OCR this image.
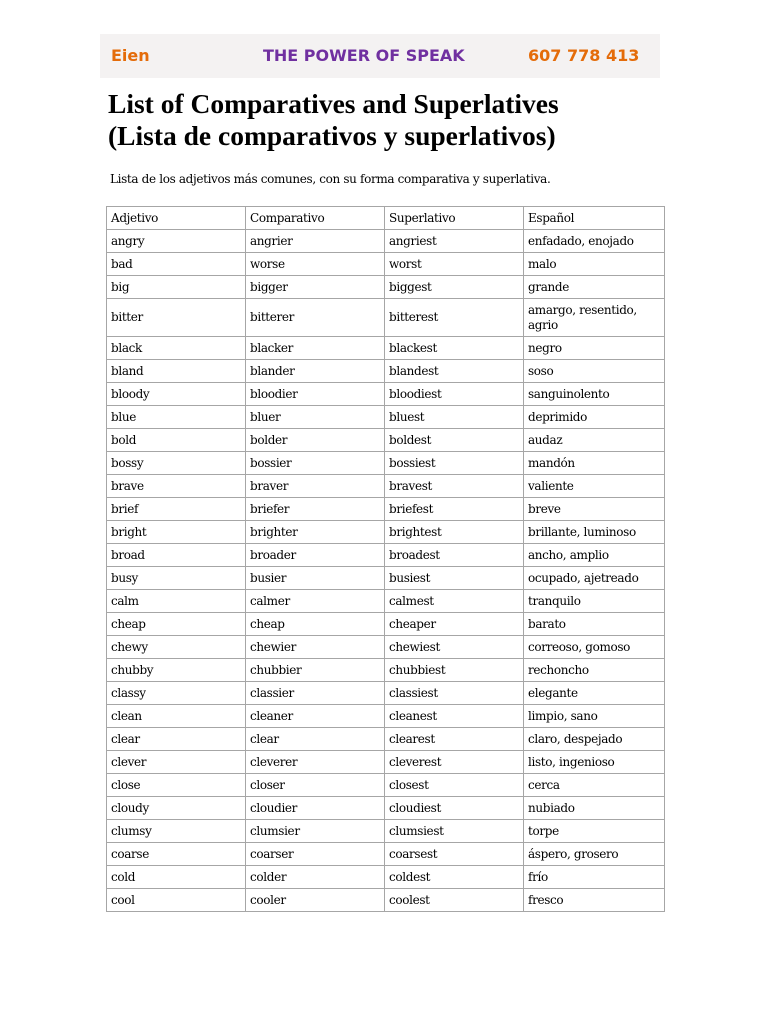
Eien	THE POWER OF SPEAK	607 778 413
List of Comparatives and Superlatives
(Lista de comparativos y superlativos)

Lista de los adjetivos más comunes, con su forma comparativa y superlativa.

Adjetivo	Comparativo	Superlativo	Español
angry	angrier	angriest	enfadado, enojado
bad	worse	worst	malo
big	bigger	biggest	grande
bitter	bitterer	bitterest	amargo, resentido, agrio
black	blacker	blackest	negro
bland	blander	blandest	soso
bloody	bloodier	bloodiest	sanguinolento
blue	bluer	bluest	deprimido
bold	bolder	boldest	audaz
bossy	bossier	bossiest	mandón
brave	braver	bravest	valiente
brief	briefer	briefest	breve
bright	brighter	brightest	brillante, luminoso
broad	broader	broadest	ancho, amplio
busy	busier	busiest	ocupado, ajetreado
calm	calmer	calmest	tranquilo
cheap	cheap	cheaper	barato
chewy	chewier	chewiest	correoso, gomoso
chubby	chubbier	chubbiest	rechoncho
classy	classier	classiest	elegante
clean	cleaner	cleanest	limpio, sano
clear	clear	clearest	claro, despejado
clever	cleverer	cleverest	listo, ingenioso
close	closer	closest	cerca
cloudy	cloudier	cloudiest	nubiado
clumsy	clumsier	clumsiest	torpe
coarse	coarser	coarsest	áspero, grosero
cold	colder	coldest	frío
cool	cooler	coolest	fresco
